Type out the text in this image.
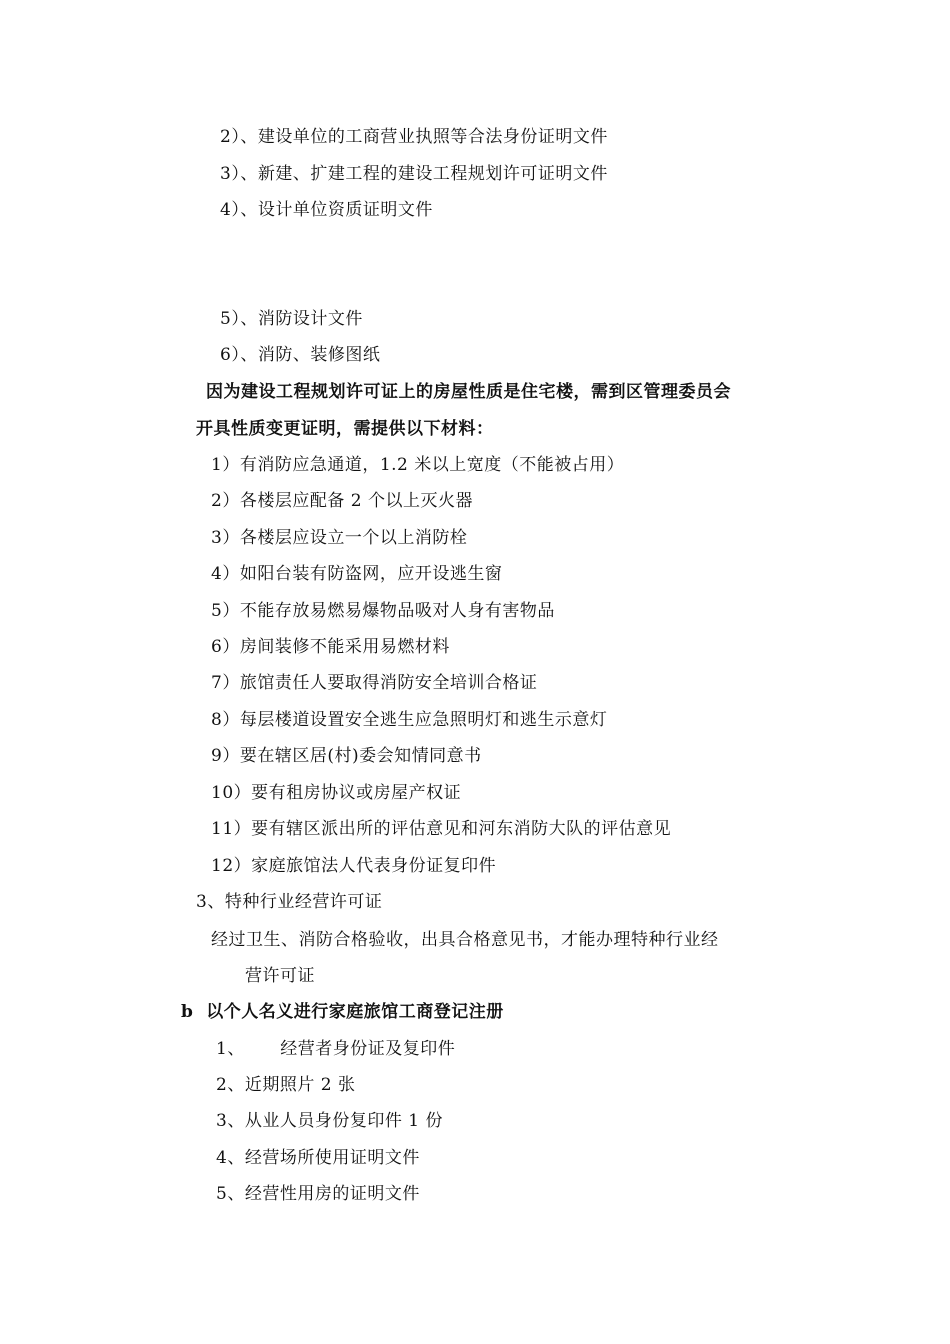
2）、建设单位的工商营业执照等合法身份证明文件
3）、新建、扩建工程的建设工程规划许可证明文件
4）、设计单位资质证明文件
5）、消防设计文件
6）、消防、装修图纸
因为建设工程规划许可证上的房屋性质是住宅楼，需到区管理委员会
开具性质变更证明，需提供以下材料：
1）有消防应急通道，1.2 米以上宽度（不能被占用）
2）各楼层应配备 2 个以上灭火器
3）各楼层应设立一个以上消防栓
4）如阳台装有防盗网，应开设逃生窗
5）不能存放易燃易爆物品吸对人身有害物品
6）房间装修不能采用易燃材料
7）旅馆责任人要取得消防安全培训合格证
8）每层楼道设置安全逃生应急照明灯和逃生示意灯
9）要在辖区居(村)委会知情同意书
10）要有租房协议或房屋产权证
11）要有辖区派出所的评估意见和河东消防大队的评估意见
12）家庭旅馆法人代表身份证复印件
3、特种行业经营许可证
经过卫生、消防合格验收，出具合格意见书，才能办理特种行业经
营许可证
b  以个人名义进行家庭旅馆工商登记注册
1、      经营者身份证及复印件
2、近期照片 2 张
3、从业人员身份复印件 1 份
4、经营场所使用证明文件
5、经营性用房的证明文件
